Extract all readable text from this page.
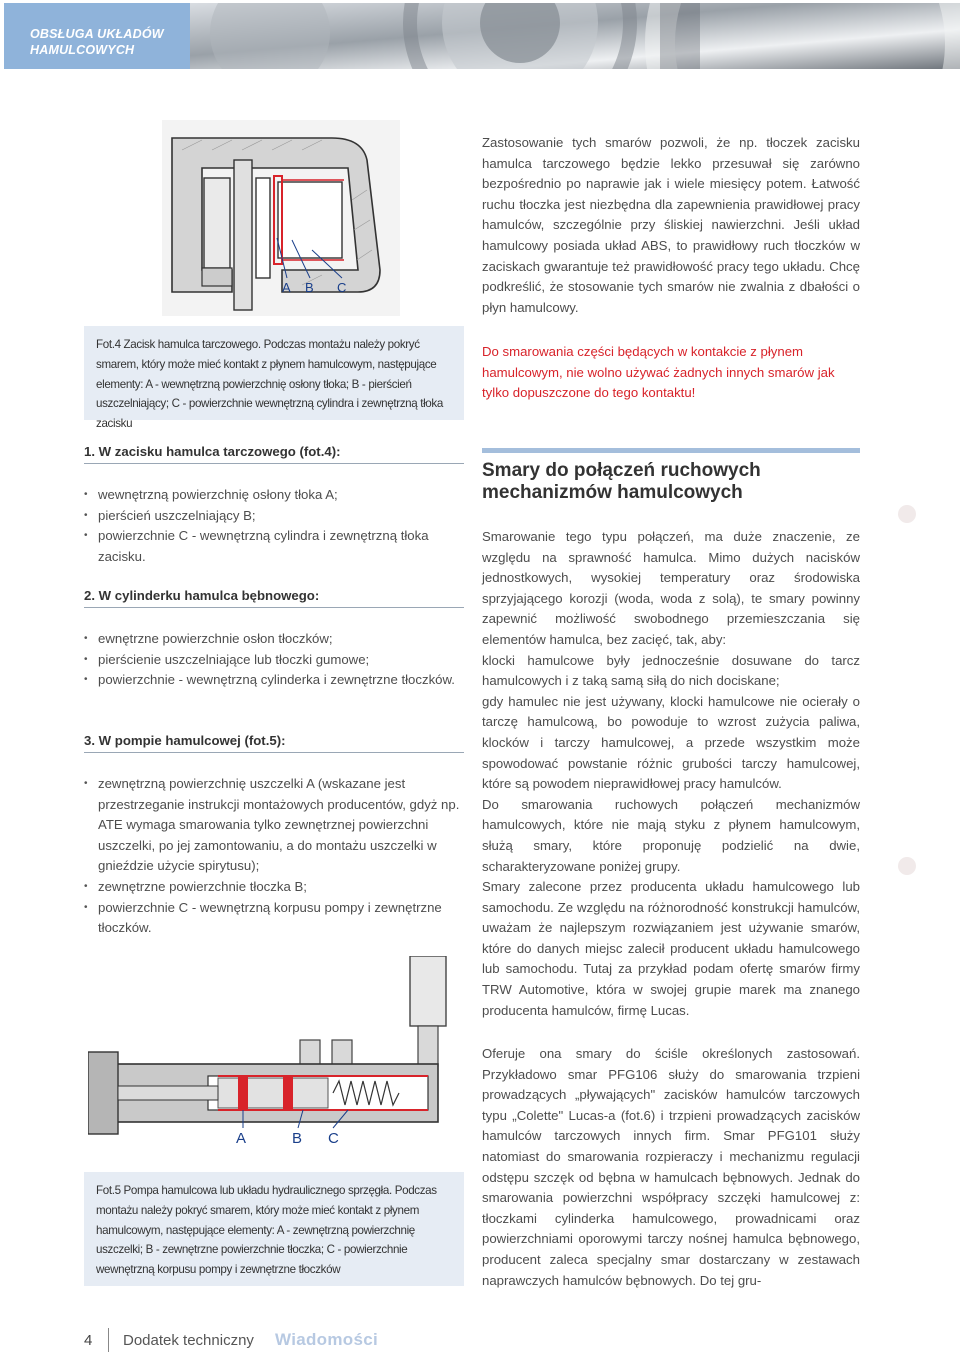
OBSŁUGA UKŁADÓW
HAMULCOWYCH
A B C

Fot.4 Zacisk hamulca tarczowego. Podczas montażu należy pokryć smarem, który może mieć kontakt z płynem hamulcowym, następujące elementy: A - wewnętrzną powierzchnię osłony tłoka; B - pierścień uszczelniający; C - powierzchnie wewnętrzną cylindra i zewnętrzną tłoka zacisku

Zastosowanie tych smarów pozwoli, że np. tłoczek zacisku hamulca tarczowego będzie lekko przesuwał się zarówno bezpośrednio po naprawie jak i wiele miesięcy potem. Łatwość ruchu tłoczka jest niezbędna dla zapewnienia prawidłowej pracy hamulców, szczególnie przy śliskiej nawierzchni. Jeśli układ hamulcowy posiada układ ABS, to prawidłowy ruch tłoczków w zaciskach gwarantuje też prawidłowość pracy tego układu. Chcę podkreślić, że stosowanie tych smarów nie zwalnia z dbałości o płyn hamulcowy.

Do smarowania części będących w kontakcie z płynem hamulcowym, nie wolno używać żadnych innych smarów jak tylko dopuszczone do tego kontaktu!

1. W zacisku hamulca tarczowego (fot.4):
• wewnętrzną powierzchnię osłony tłoka A;
• pierścień uszczelniający B;
• powierzchnie C - wewnętrzną cylindra i zewnętrzną tłoka zacisku.
2. W cylinderku hamulca bębnowego:
• ewnętrzne powierzchnie osłon tłoczków;
• pierścienie uszczelniające lub tłoczki gumowe;
• powierzchnie - wewnętrzną cylinderka i zewnętrzne tłoczków.
3. W pompie hamulcowej (fot.5):
• zewnętrzną powierzchnię uszczelki A (wskazane jest przestrzeganie instrukcji montażowych producentów, gdyż np. ATE wymaga smarowania tylko zewnętrznej powierzchni uszczelki, po jej zamontowaniu, a do montażu uszczelki w gnieździe użycie spirytusu);
• zewnętrzne powierzchnie tłoczka B;
• powierzchnie C - wewnętrzną korpusu pompy i zewnętrzne tłoczków.
Smary do połączeń ruchowych mechanizmów hamulcowych

Smarowanie tego typu połączeń, ma duże znaczenie, ze względu na sprawność hamulca. Mimo dużych nacisków jednostkowych, wysokiej temperatury oraz środowiska sprzyjającego korozji (woda, woda z solą), te smary powinny zapewnić możliwość swobodnego przemieszczania się elementów hamulca, bez zacięć, tak, aby:

klocki hamulcowe były jednocześnie dosuwane do tarcz hamulcowych i z taką samą siłą do nich dociskane;

gdy hamulec nie jest używany, klocki hamulcowe nie ocierały o tarczę hamulcową, bo powoduje to wzrost zużycia paliwa, klocków i tarczy hamulcowej, a przede wszystkim może spowodować powstanie różnic grubości tarczy hamulcowej, które są powodem nieprawidłowej pracy hamulców.

Do smarowania ruchowych połączeń mechanizmów hamulcowych, które nie mają styku z płynem hamulcowym, służą smary, które proponuję podzielić na dwie, scharakteryzowane poniżej grupy.

Smary zalecone przez producenta układu hamulcowego lub samochodu. Ze względu na różnorodność konstrukcji hamulców, uważam że najlepszym rozwiązaniem jest używanie smarów, które do danych miejsc zalecił producent układu hamulcowego lub samochodu. Tutaj za przykład podam ofertę smarów firmy TRW Automotive, która w swojej grupie marek ma znanego producenta hamulców, firmę Lucas.

Oferuje ona smary do ściśle określonych zastosowań. Przykładowo smar PFG106 służy do smarowania trzpieni prowadzących „pływających" zacisków hamulców tarczowych typu „Colette" Lucas-a (fot.6) i trzpieni prowadzących zacisków hamulców tarczowych innych firm. Smar PFG101 służy natomiast do smarowania rozpieraczy i mechanizmu regulacji odstępu szczęk od bębna w hamulcach bębnowych. Jednak do smarowania powierzchni współpracy szczęki hamulcowej z: tłoczkami cylinderka hamulcowego, prowadnicami oraz powierzchniami oporowymi tarczy nośnej hamulca bębnowego, producent zaleca specjalny smar dostarczany w zestawach naprawczych hamulców bębnowych. Do tej gru-

A	B C

Fot.5 Pompa hamulcowa lub układu hydraulicznego sprzęgła. Podczas montażu należy pokryć smarem, który może mieć kontakt z płynem hamulcowym, następujące elementy: A - zewnętrzną powierzchnię uszczelki; B - zewnętrzne powierzchnie tłoczka; C - powierzchnie wewnętrzną korpusu pompy i zewnętrzne tłoczków

4 Dodatek techniczny Wiadomości
